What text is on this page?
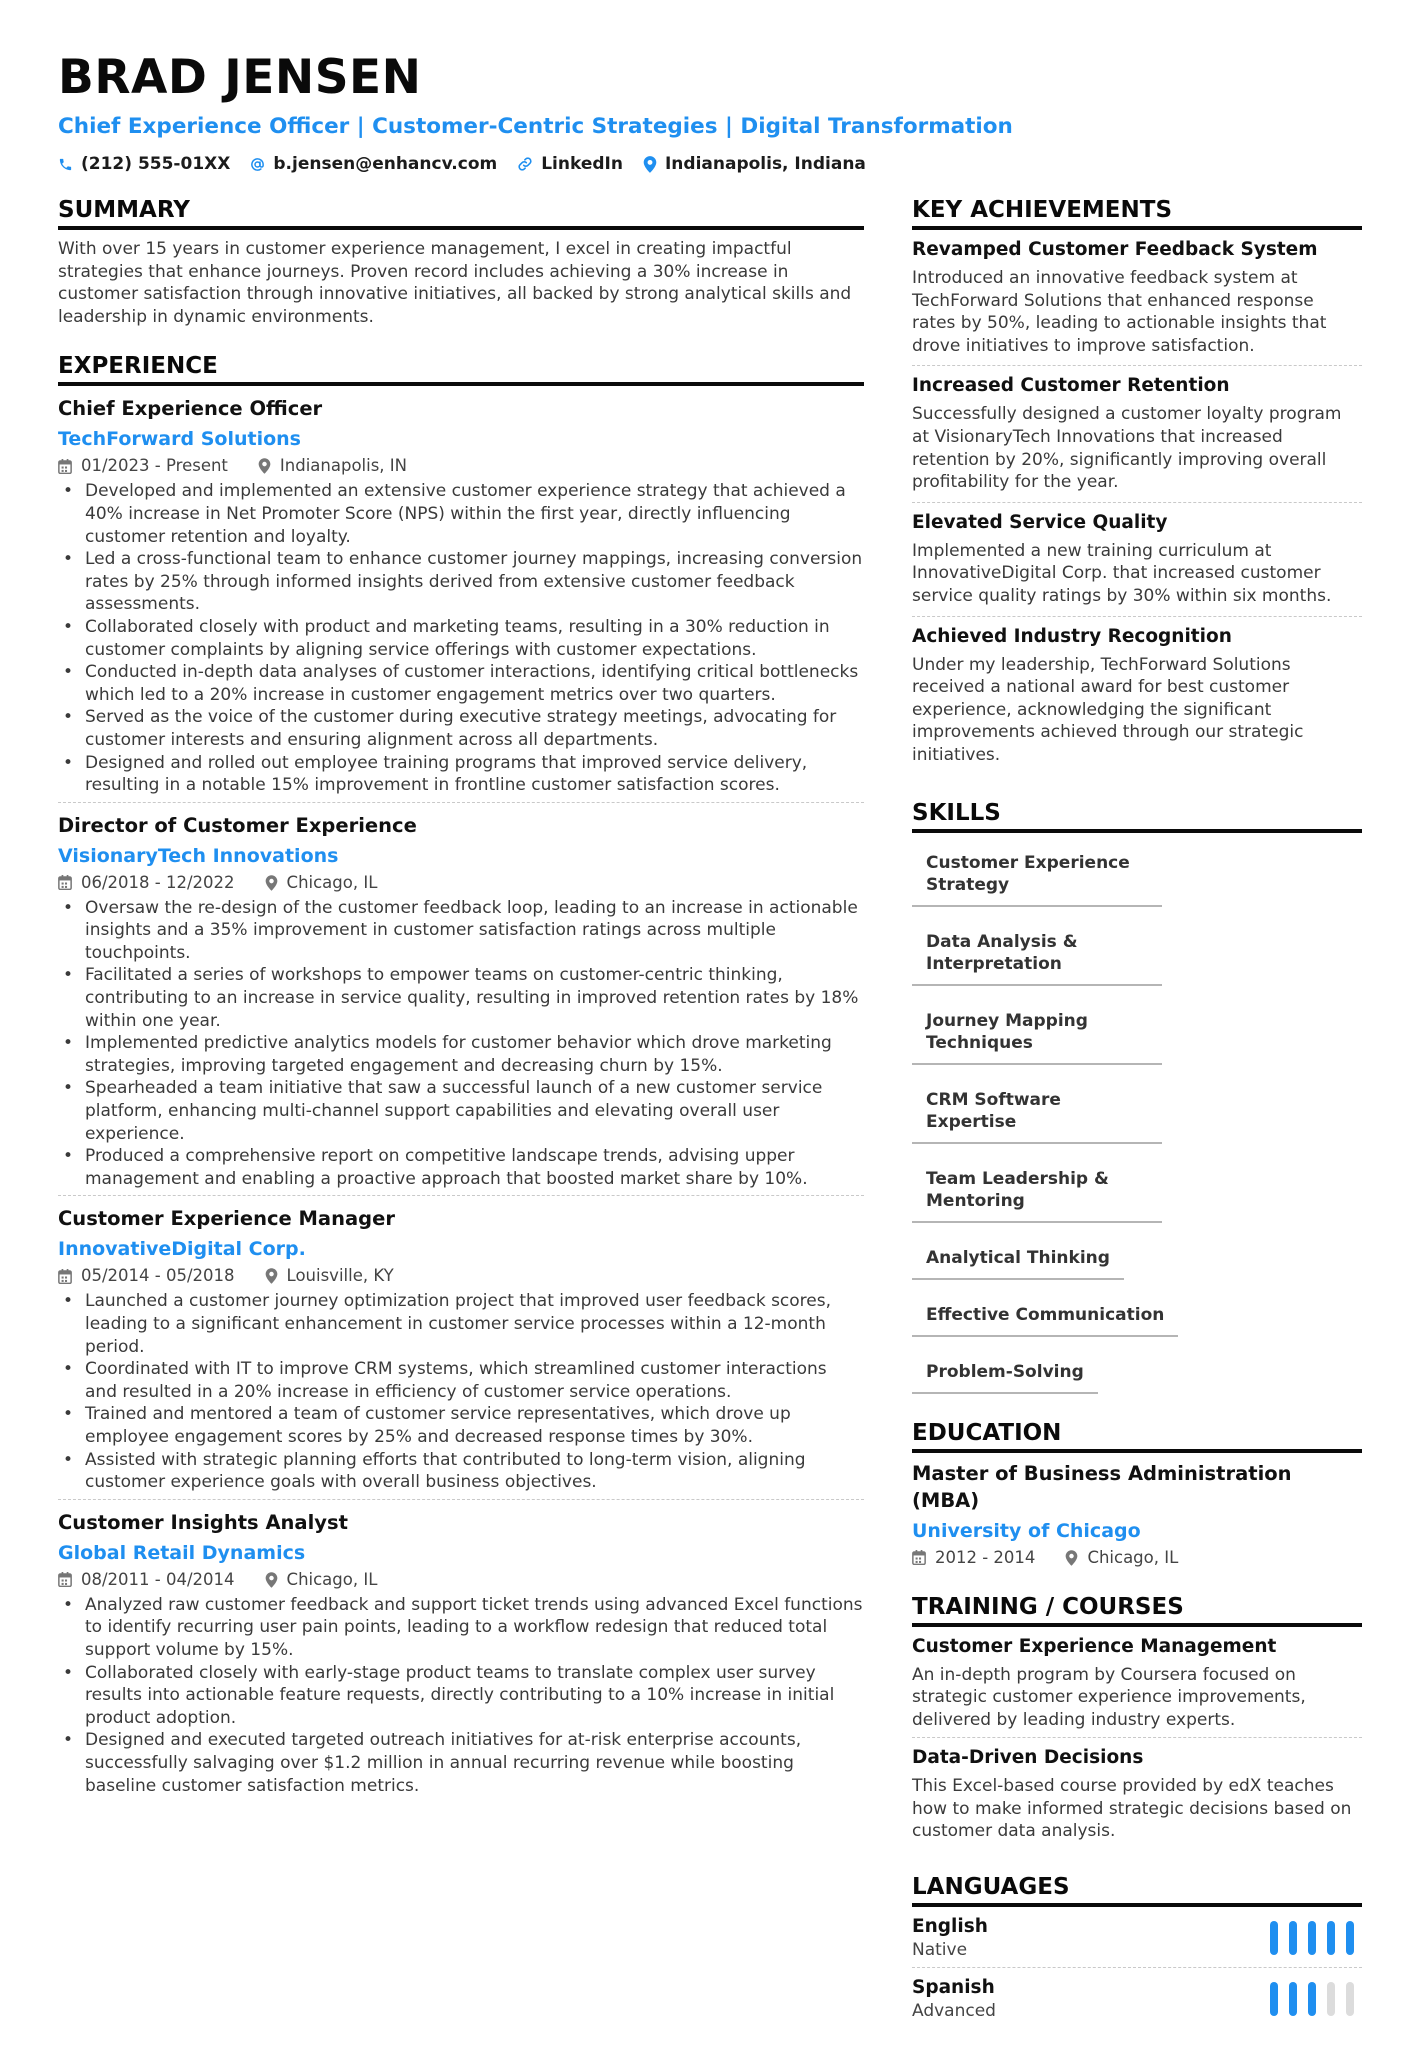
BRAD JENSEN
Chief Experience Officer | Customer-Centric Strategies | Digital Transformation
(212) 555-01XX	b.jensen@enhancv.com	LinkedIn Indianapolis, Indiana
SUMMARY
With over 15 years in customer experience management, I excel in creating impactful strategies that enhance journeys. Proven record includes achieving a 30% increase in customer satisfaction through innovative initiatives, all backed by strong analytical skills and leadership in dynamic environments.
EXPERIENCE
Chief Experience Officer
TechForward Solutions
01/2023 - Present	Indianapolis, IN
• Developed and implemented an extensive customer experience strategy that achieved a 40% increase in Net Promoter Score (NPS) within the first year, directly influencing customer retention and loyalty.
• Led a cross-functional team to enhance customer journey mappings, increasing conversion rates by 25% through informed insights derived from extensive customer feedback assessments.
• Collaborated closely with product and marketing teams, resulting in a 30% reduction in customer complaints by aligning service offerings with customer expectations.
• Conducted in-depth data analyses of customer interactions, identifying critical bottlenecks which led to a 20% increase in customer engagement metrics over two quarters.
• Served as the voice of the customer during executive strategy meetings, advocating for customer interests and ensuring alignment across all departments.
• Designed and rolled out employee training programs that improved service delivery, resulting in a notable 15% improvement in frontline customer satisfaction scores.
Director of Customer Experience
VisionaryTech Innovations
06/2018 - 12/2022	Chicago, IL
• Oversaw the re-design of the customer feedback loop, leading to an increase in actionable insights and a 35% improvement in customer satisfaction ratings across multiple touchpoints.
• Facilitated a series of workshops to empower teams on customer-centric thinking, contributing to an increase in service quality, resulting in improved retention rates by 18% within one year.
• Implemented predictive analytics models for customer behavior which drove marketing strategies, improving targeted engagement and decreasing churn by 15%.
• Spearheaded a team initiative that saw a successful launch of a new customer service platform, enhancing multi-channel support capabilities and elevating overall user experience.
• Produced a comprehensive report on competitive landscape trends, advising upper management and enabling a proactive approach that boosted market share by 10%.
Customer Experience Manager
InnovativeDigital Corp.
05/2014 - 05/2018	Louisville, KY
• Launched a customer journey optimization project that improved user feedback scores, leading to a significant enhancement in customer service processes within a 12-month period.
• Coordinated with IT to improve CRM systems, which streamlined customer interactions and resulted in a 20% increase in efficiency of customer service operations.
• Trained and mentored a team of customer service representatives, which drove up employee engagement scores by 25% and decreased response times by 30%.
• Assisted with strategic planning efforts that contributed to long-term vision, aligning customer experience goals with overall business objectives.
Customer Insights Analyst
Global Retail Dynamics
08/2011 - 04/2014	Chicago, IL
• Analyzed raw customer feedback and support ticket trends using advanced Excel functions to identify recurring user pain points, leading to a workflow redesign that reduced total support volume by 15%.
• Collaborated closely with early-stage product teams to translate complex user survey results into actionable feature requests, directly contributing to a 10% increase in initial product adoption.
• Designed and executed targeted outreach initiatives for at-risk enterprise accounts, successfully salvaging over $1.2 million in annual recurring revenue while boosting baseline customer satisfaction metrics.
KEY ACHIEVEMENTS
Revamped Customer Feedback System
Introduced an innovative feedback system at TechForward Solutions that enhanced response rates by 50%, leading to actionable insights that drove initiatives to improve satisfaction.
Increased Customer Retention
Successfully designed a customer loyalty program at VisionaryTech Innovations that increased retention by 20%, significantly improving overall profitability for the year.
Elevated Service Quality
Implemented a new training curriculum at InnovativeDigital Corp. that increased customer service quality ratings by 30% within six months.
Achieved Industry Recognition
Under my leadership, TechForward Solutions received a national award for best customer experience, acknowledging the significant improvements achieved through our strategic initiatives.
SKILLS
Customer Experience Strategy
Data Analysis & Interpretation
Journey Mapping Techniques
CRM Software Expertise
Team Leadership & Mentoring
Analytical Thinking
Effective Communication
Problem-Solving
EDUCATION
Master of Business Administration (MBA)
University of Chicago
2012 - 2014	Chicago, IL
TRAINING / COURSES
Customer Experience Management
An in-depth program by Coursera focused on strategic customer experience improvements, delivered by leading industry experts.
Data-Driven Decisions
This Excel-based course provided by edX teaches how to make informed strategic decisions based on customer data analysis.
LANGUAGES
English
Native
Spanish
Advanced
